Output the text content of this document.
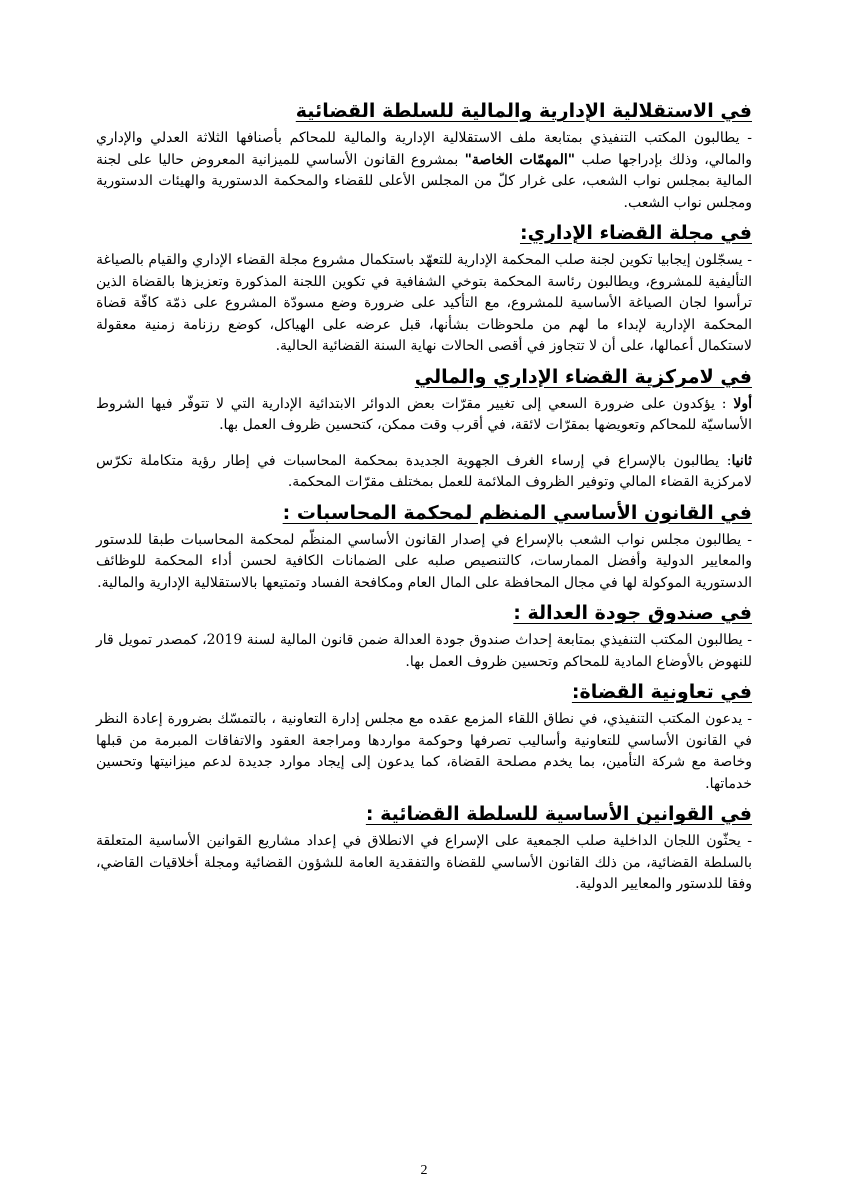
في الاستقلالية الإدارية والمالية للسلطة القضائية

- يطالبون المكتب التنفيذي بمتابعة ملف الاستقلالية الإدارية والمالية للمحاكم بأصنافها الثلاثة العدلي والإداري والمالي، وذلك بإدراجها صلب "المهمّات الخاصة" بمشروع القانون الأساسي للميزانية المعروض حاليا على لجنة المالية بمجلس نواب الشعب، على غرار كلّ من المجلس الأعلى للقضاء والمحكمة الدستورية والهيئات الدستورية ومجلس نواب الشعب.

في مجلة القضاء الإداري:

- يسجّلون إيجابيا تكوين لجنة صلب المحكمة الإدارية للتعهّد باستكمال مشروع مجلة القضاء الإداري والقيام بالصياغة التأليفية للمشروع، ويطالبون رئاسة المحكمة بتوخي الشفافية في تكوين اللجنة المذكورة وتعزيزها بالقضاة الذين ترأسوا لجان الصياغة الأساسية للمشروع، مع التأكيد على ضرورة وضع مسودّة المشروع على ذمّة كافّة قضاة المحكمة الإدارية لإبداء ما لهم من ملحوظات بشأنها، قبل عرضه على الهياكل، كوضع رزنامة زمنية معقولة لاستكمال أعمالها، على أن لا تتجاوز في أقصى الحالات نهاية السنة القضائية الحالية.

في لامركزية القضاء الإداري والمالي

أولا : يؤكدون على ضرورة السعي إلى تغيير مقرّات بعض الدوائر الابتدائية الإدارية التي لا تتوفّر فيها الشروط الأساسيّة للمحاكم وتعويضها بمقرّات لائقة، في أقرب وقت ممكن، كتحسين ظروف العمل بها.

ثانيا: يطالبون بالإسراع في إرساء الغرف الجهوية الجديدة بمحكمة المحاسبات في إطار رؤية متكاملة تكرّس لامركزية القضاء المالي وتوفير الظروف الملائمة للعمل بمختلف مقرّات المحكمة.

في القانون الأساسي المنظم لمحكمة المحاسبات :

- يطالبون مجلس نواب الشعب بالإسراع في إصدار القانون الأساسي المنظّم لمحكمة المحاسبات طبقا للدستور والمعايير الدولية وأفضل الممارسات، كالتنصيص صلبه على الضمانات الكافية لحسن أداء المحكمة للوظائف الدستورية الموكولة لها في مجال المحافظة على المال العام ومكافحة الفساد وتمتيعها بالاستقلالية الإدارية والمالية.

في صندوق جودة العدالة :

- يطالبون المكتب التنفيذي بمتابعة إحداث صندوق جودة العدالة ضمن قانون المالية لسنة 2019، كمصدر تمويل قار للنهوض بالأوضاع المادية للمحاكم وتحسين ظروف العمل بها.

في تعاونية القضاة:

- يدعون المكتب التنفيذي، في نطاق اللقاء المزمع عقده مع مجلس إدارة التعاونية ، بالتمسّك بضرورة إعادة النظر في القانون الأساسي للتعاونية وأساليب تصرفها وحوكمة مواردها ومراجعة العقود والاتفاقات المبرمة من قبلها وخاصة مع شركة التأمين، بما يخدم مصلحة القضاة، كما يدعون إلى إيجاد موارد جديدة لدعم ميزانيتها وتحسين خدماتها.

في القوانين الأساسية للسلطة القضائية :

- يحثّون اللجان الداخلية صلب الجمعية على الإسراع في الانطلاق في إعداد مشاريع القوانين الأساسية المتعلقة بالسلطة القضائية، من ذلك القانون الأساسي للقضاة والتفقدية العامة للشؤون القضائية ومجلة أخلاقيات القاضي، وفقا للدستور والمعايير الدولية.

2
